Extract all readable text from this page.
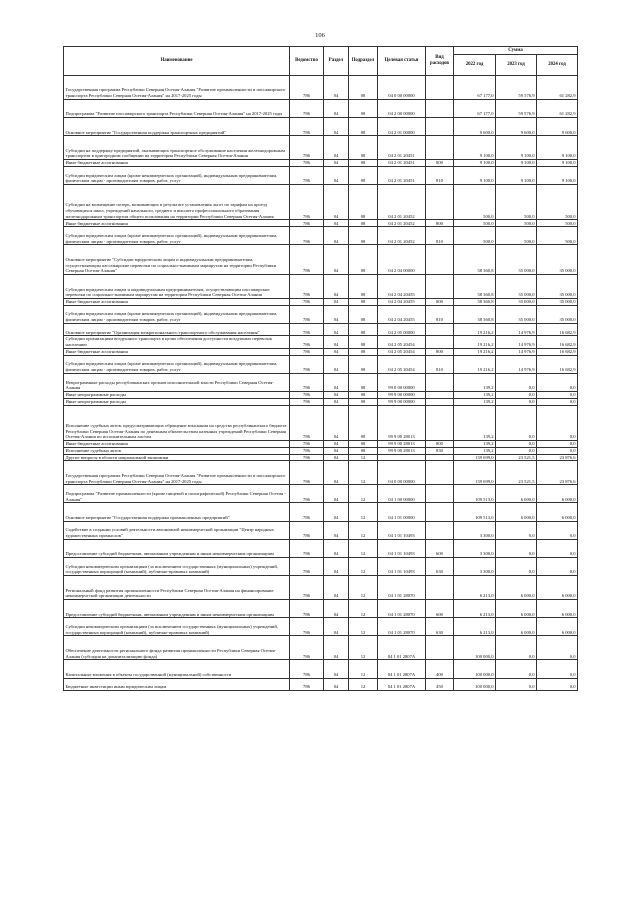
106
Наименование	Ведомство	Раздел	Подраздел	Целевая статья	Вид расходов	Сумма		
						2022 год	2023 год	2024 год
Государственная программа Республики Северная Осетия-Алания "Развитие промышленности и пассажирского транспорта Республики Северная Осетия-Алания" на 2017-2025 годы	786	04	08	04 0 00 00000		67 177,0	59 576,9	61 282,9
Подпрограмма "Развитие пассажирского транспорта Республики Северная Осетия-Алания" на 2017-2025 годы	786	04	08	04 2 00 00000		67 177,0	59 576,9	61 282,9
Основное мероприятие "Государственная поддержка транспортных предприятий"	786	04	08	04 2 01 00000		9 600,0	9 600,0	9 600,0
Субсидии на поддержку предприятий, оказывающих транспортное обслуживание населения железнодорожным транспортом в пригородном сообщении на территории Республики Северная Осетия-Алания	786	04	08	04 2 01 20451		9 100,0	9 100,0	9 100,0
Иные бюджетные ассигнования	786	04	08	04 2 01 20451	800	9 100,0	9 100,0	9 100,0
Субсидии юридическим лицам (кроме некоммерческих организаций), индивидуальным предпринимателям, физическим лицам - производителям товаров, работ, услуг	786	04	08	04 2 01 20451	810	9 100,0	9 100,0	9 100,0
Субсидии на возмещение потерь, возникающих в результате установления льгот по тарифам на проезд обучающихся школ, учреждений начального, среднего и высшего профессионального образования железнодорожным транспортом общего пользования на территории Республики Северная Осетия-Алания	786	04	08	04 2 01 20452		500,0	500,0	500,0
Иные бюджетные ассигнования	786	04	08	04 2 01 20452	800	500,0	500,0	500,0
Субсидии юридическим лицам (кроме некоммерческих организаций), индивидуальным предпринимателям, физическим лицам - производителям товаров, работ, услуг	786	04	08	04 2 01 20452	810	500,0	500,0	500,0
Основное мероприятие "Субсидии юридическим лицам и индивидуальным предпринимателям, осуществляющим пассажирские перевозки по социально-значимым маршрутам на территории Республики Северная Осетия-Алания"	786	04	08	04 2 04 00000		38 360,8	35 000,0	35 000,0
Субсидии юридическим лицам и индивидуальным предпринимателям, осуществляющим пассажирские перевозки по социально-значимым маршрутам на территории Республики Северная Осетия-Алания	786	04	08	04 2 04 20455		38 360,8	35 000,0	35 000,0
Иные бюджетные ассигнования	786	04	08	04 2 04 20455	800	38 360,8	35 000,0	35 000,0
Субсидии юридическим лицам (кроме некоммерческих организаций), индивидуальным предпринимателям, физическим лицам - производителям товаров, работ, услуг	786	04	08	04 2 04 20455	810	38 360,8	35 000,0	35 000,0
Основное мероприятие "Организация межрегионального транспортного обслуживания населения"	786	04	08	04 2 05 00000		19 216,2	14 976,9	16 682,9
Субсидии организациям воздушного транспорта в целях обеспечения доступности воздушных перевозок населению	786	04	08	04 2 05 20454		19 216,2	14 976,9	16 682,9
Иные бюджетные ассигнования	786	04	08	04 2 05 20454	800	19 216,2	14 976,9	16 682,9
Субсидии юридическим лицам (кроме некоммерческих организаций), индивидуальным предпринимателям, физическим лицам - производителям товаров, работ, услуг	786	04	08	04 2 05 20454	810	19 216,2	14 976,9	16 682,9
Непрограммные расходы республиканских органов исполнительной власти Республики Северная Осетия-Алания	786	04	08	99 0 00 00000		139,2	0,0	0,0
Иные непрограммные расходы	786	04	08	99 9 00 00000		139,2	0,0	0,0
Иные непрограммные расходы	786	04	08	99 9 00 00000		139,2	0,0	0,0
Исполнение судебных актов, предусматривающих обращение взыскания на средства республиканского бюджета Республики Северная Осетия-Алания по денежным обязательствам казенных учреждений Республики Северная Осетия-Алания по исполнительным листам	786	04	08	99 9 00 28013		139,2	0,0	0,0
Иные бюджетные ассигнования	786	04	08	99 9 00 28013	800	139,2	0,0	0,0
Исполнение судебных актов	786	04	08	99 9 00 28013	830	139,2	0,0	0,0
Другие вопросы в области национальной экономики	786	04	12			139 699,0	23 521,5	23 876,6
Государственная программа Республики Северная Осетия-Алания "Развитие промышленности и пассажирского транспорта Республики Северная Осетия-Алания" на 2017-2025 годы	786	04	12	04 0 00 00000		139 699,0	23 521,5	23 876,6
Подпрограмма "Развитие промышленности (кроме пищевой и полиграфической) Республики Северная Осетия - Алания"	786	04	12	04 1 00 00000		109 513,0	6 000,0	6 000,0
Основное мероприятие "Государственная поддержка промышленных предприятий"	786	04	12	04 1 01 00000		109 513,0	6 000,0	6 000,0
Содействие в создании условий деятельности автономной некоммерческой организации "Центр народных художественных промыслов"	786	04	12	04 1 01 10493		3 300,0	0,0	0,0
Предоставление субсидий бюджетным, автономным учреждениям и иным некоммерческим организациям	786	04	12	04 1 01 10493	600	3 300,0	0,0	0,0
Субсидии некоммерческим организациям (за исключением государственных (муниципальных) учреждений, государственных корпораций (компаний), публично-правовых компаний)	786	04	12	04 1 01 10493	630	3 300,0	0,0	0,0
Региональный фонд развития промышленности Республики Северная Осетия-Алания на финансирование некоммерческой организации деятельности	786	04	12	04 1 01 28070		6 213,0	6 000,0	6 000,0
Предоставление субсидий бюджетным, автономным учреждениям и иным некоммерческим организациям	786	04	12	04 1 01 28070	600	6 213,0	6 000,0	6 000,0
Субсидии некоммерческим организациям (за исключением государственных (муниципальных) учреждений, государственных корпораций (компаний), публично-правовых компаний)	786	04	12	04 1 01 28070	630	6 213,0	6 000,0	6 000,0
Обеспечение деятельности регионального фонда развития промышленности Республики Северная Осетия-Алания (субсидия на докапитализацию фонда)	786	04	12	04 1 01 2807А		100 000,0	0,0	0,0
Капитальные вложения в объекты государственной (муниципальной) собственности	786	04	12	04 1 01 2807А	400	100 000,0	0,0	0,0
Бюджетные инвестиции иным юридическим лицам	786	04	12	04 1 01 2807А	450	100 000,0	0,0	0,0
